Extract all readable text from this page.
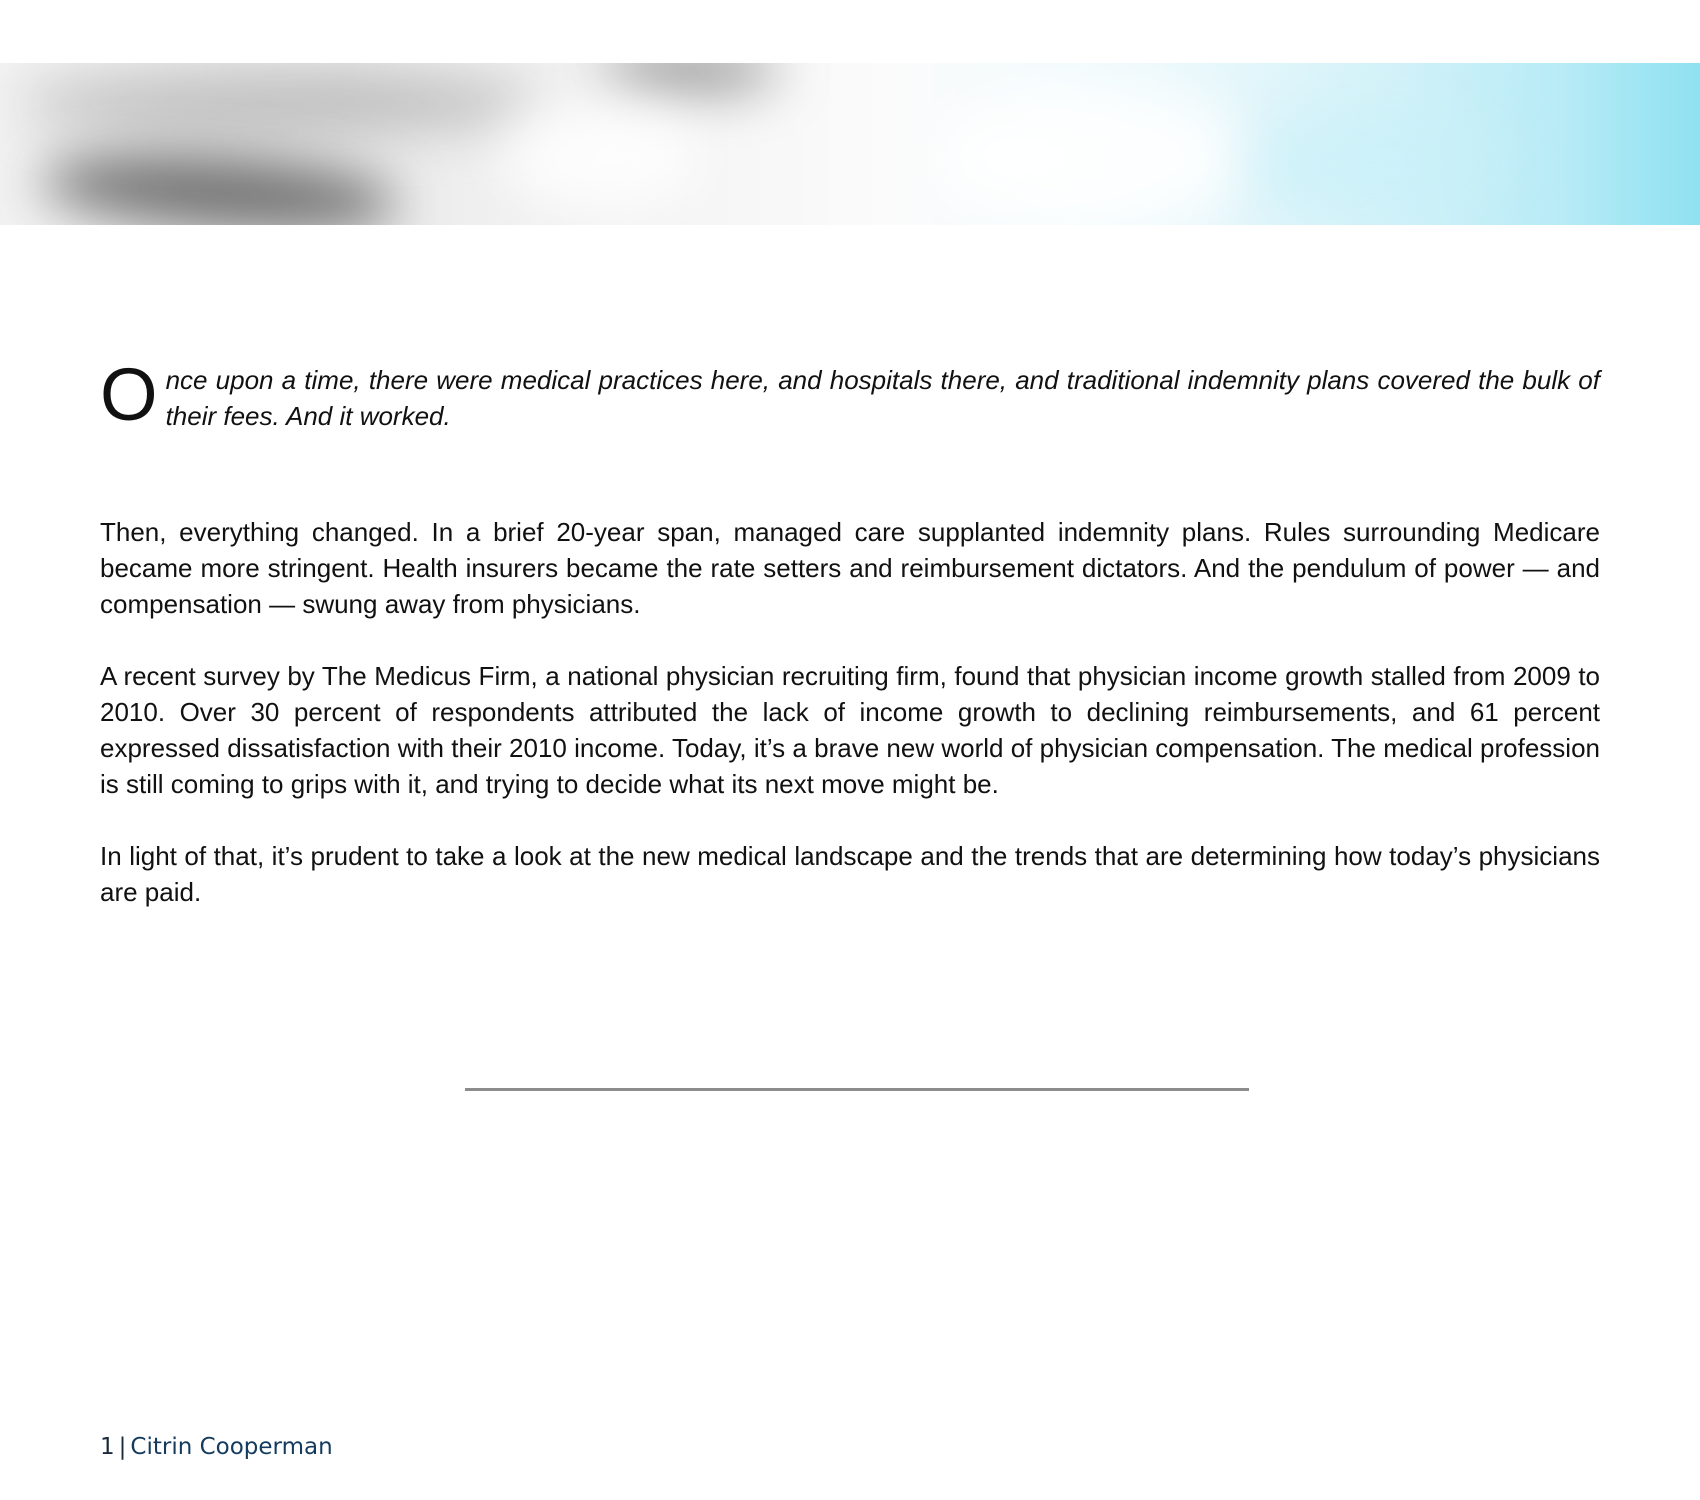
O nce upon a time, there were medical practices here, and hospitals there, and traditional indemnity plans covered the bulk of their fees. And it worked.

Then, everything changed. In a brief 20-year span, managed care supplanted indemnity plans. Rules surrounding Medicare became more stringent. Health insurers became the rate setters and reimbursement dictators. And the pendulum of power — and compensation — swung away from physicians.

A recent survey by The Medicus Firm, a national physician recruiting firm, found that physician income growth stalled from 2009 to 2010. Over 30 percent of respondents attributed the lack of income growth to declining reimbursements, and 61 percent expressed dissatisfaction with their 2010 income. Today, it’s a brave new world of physician compensation. The medical profession is still coming to grips with it, and trying to decide what its next move might be.

In light of that, it’s prudent to take a look at the new medical landscape and the trends that are determining how today’s physicians are paid.

1 | Citrin Cooperman
